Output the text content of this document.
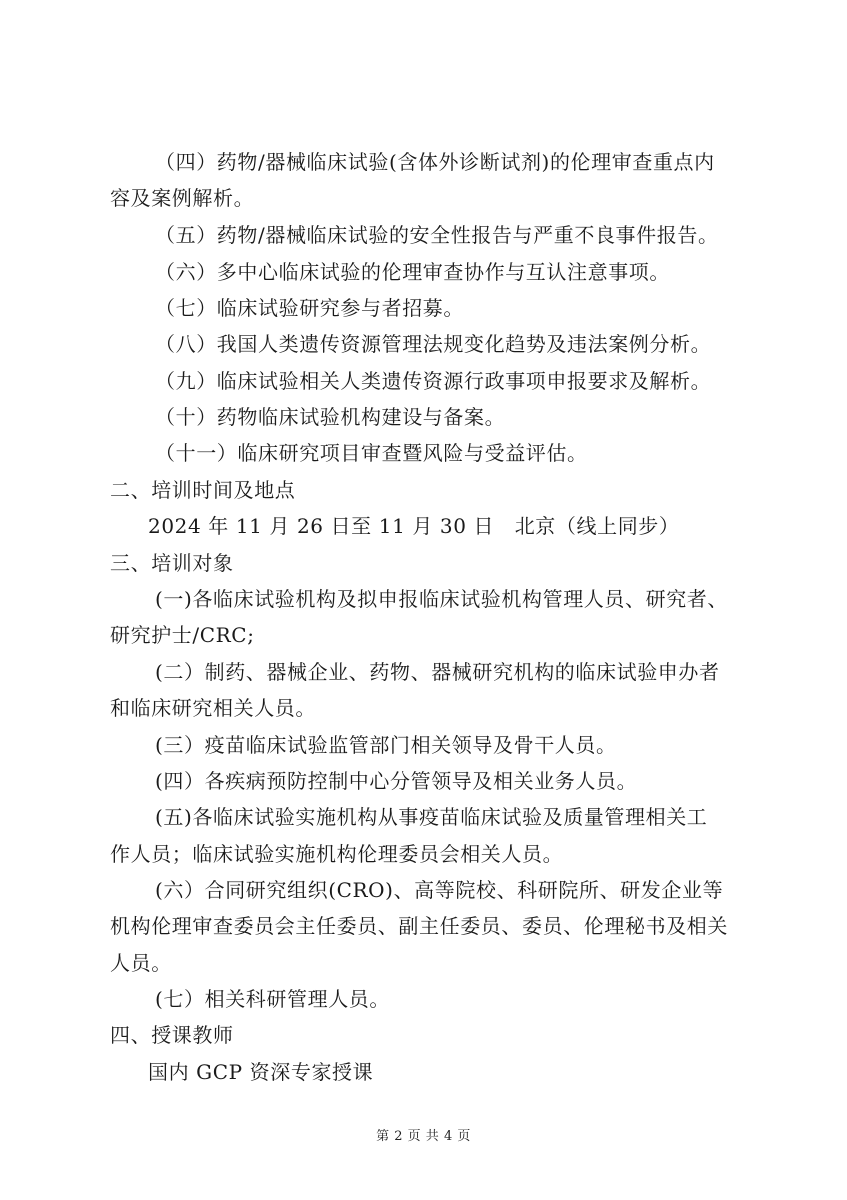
（四）药物/器械临床试验(含体外诊断试剂)的伦理审查重点内
容及案例解析。
（五）药物/器械临床试验的安全性报告与严重不良事件报告。
（六）多中心临床试验的伦理审查协作与互认注意事项。
（七）临床试验研究参与者招募。
（八）我国人类遗传资源管理法规变化趋势及违法案例分析。
（九）临床试验相关人类遗传资源行政事项申报要求及解析。
（十）药物临床试验机构建设与备案。
（十一）临床研究项目审查暨风险与受益评估。
二、培训时间及地点
2024 年 11 月 26 日至 11 月 30 日　北京（线上同步）
三、培训对象
(一)各临床试验机构及拟申报临床试验机构管理人员、研究者、
研究护士/CRC;
(二）制药、器械企业、药物、器械研究机构的临床试验申办者
和临床研究相关人员。
(三）疫苗临床试验监管部门相关领导及骨干人员。
(四）各疾病预防控制中心分管领导及相关业务人员。
(五)各临床试验实施机构从事疫苗临床试验及质量管理相关工
作人员；临床试验实施机构伦理委员会相关人员。
(六）合同研究组织(CRO)、高等院校、科研院所、研发企业等
机构伦理审查委员会主任委员、副主任委员、委员、伦理秘书及相关
人员。
(七）相关科研管理人员。
四、授课教师
国内 GCP 资深专家授课
第 2 页 共 4 页
